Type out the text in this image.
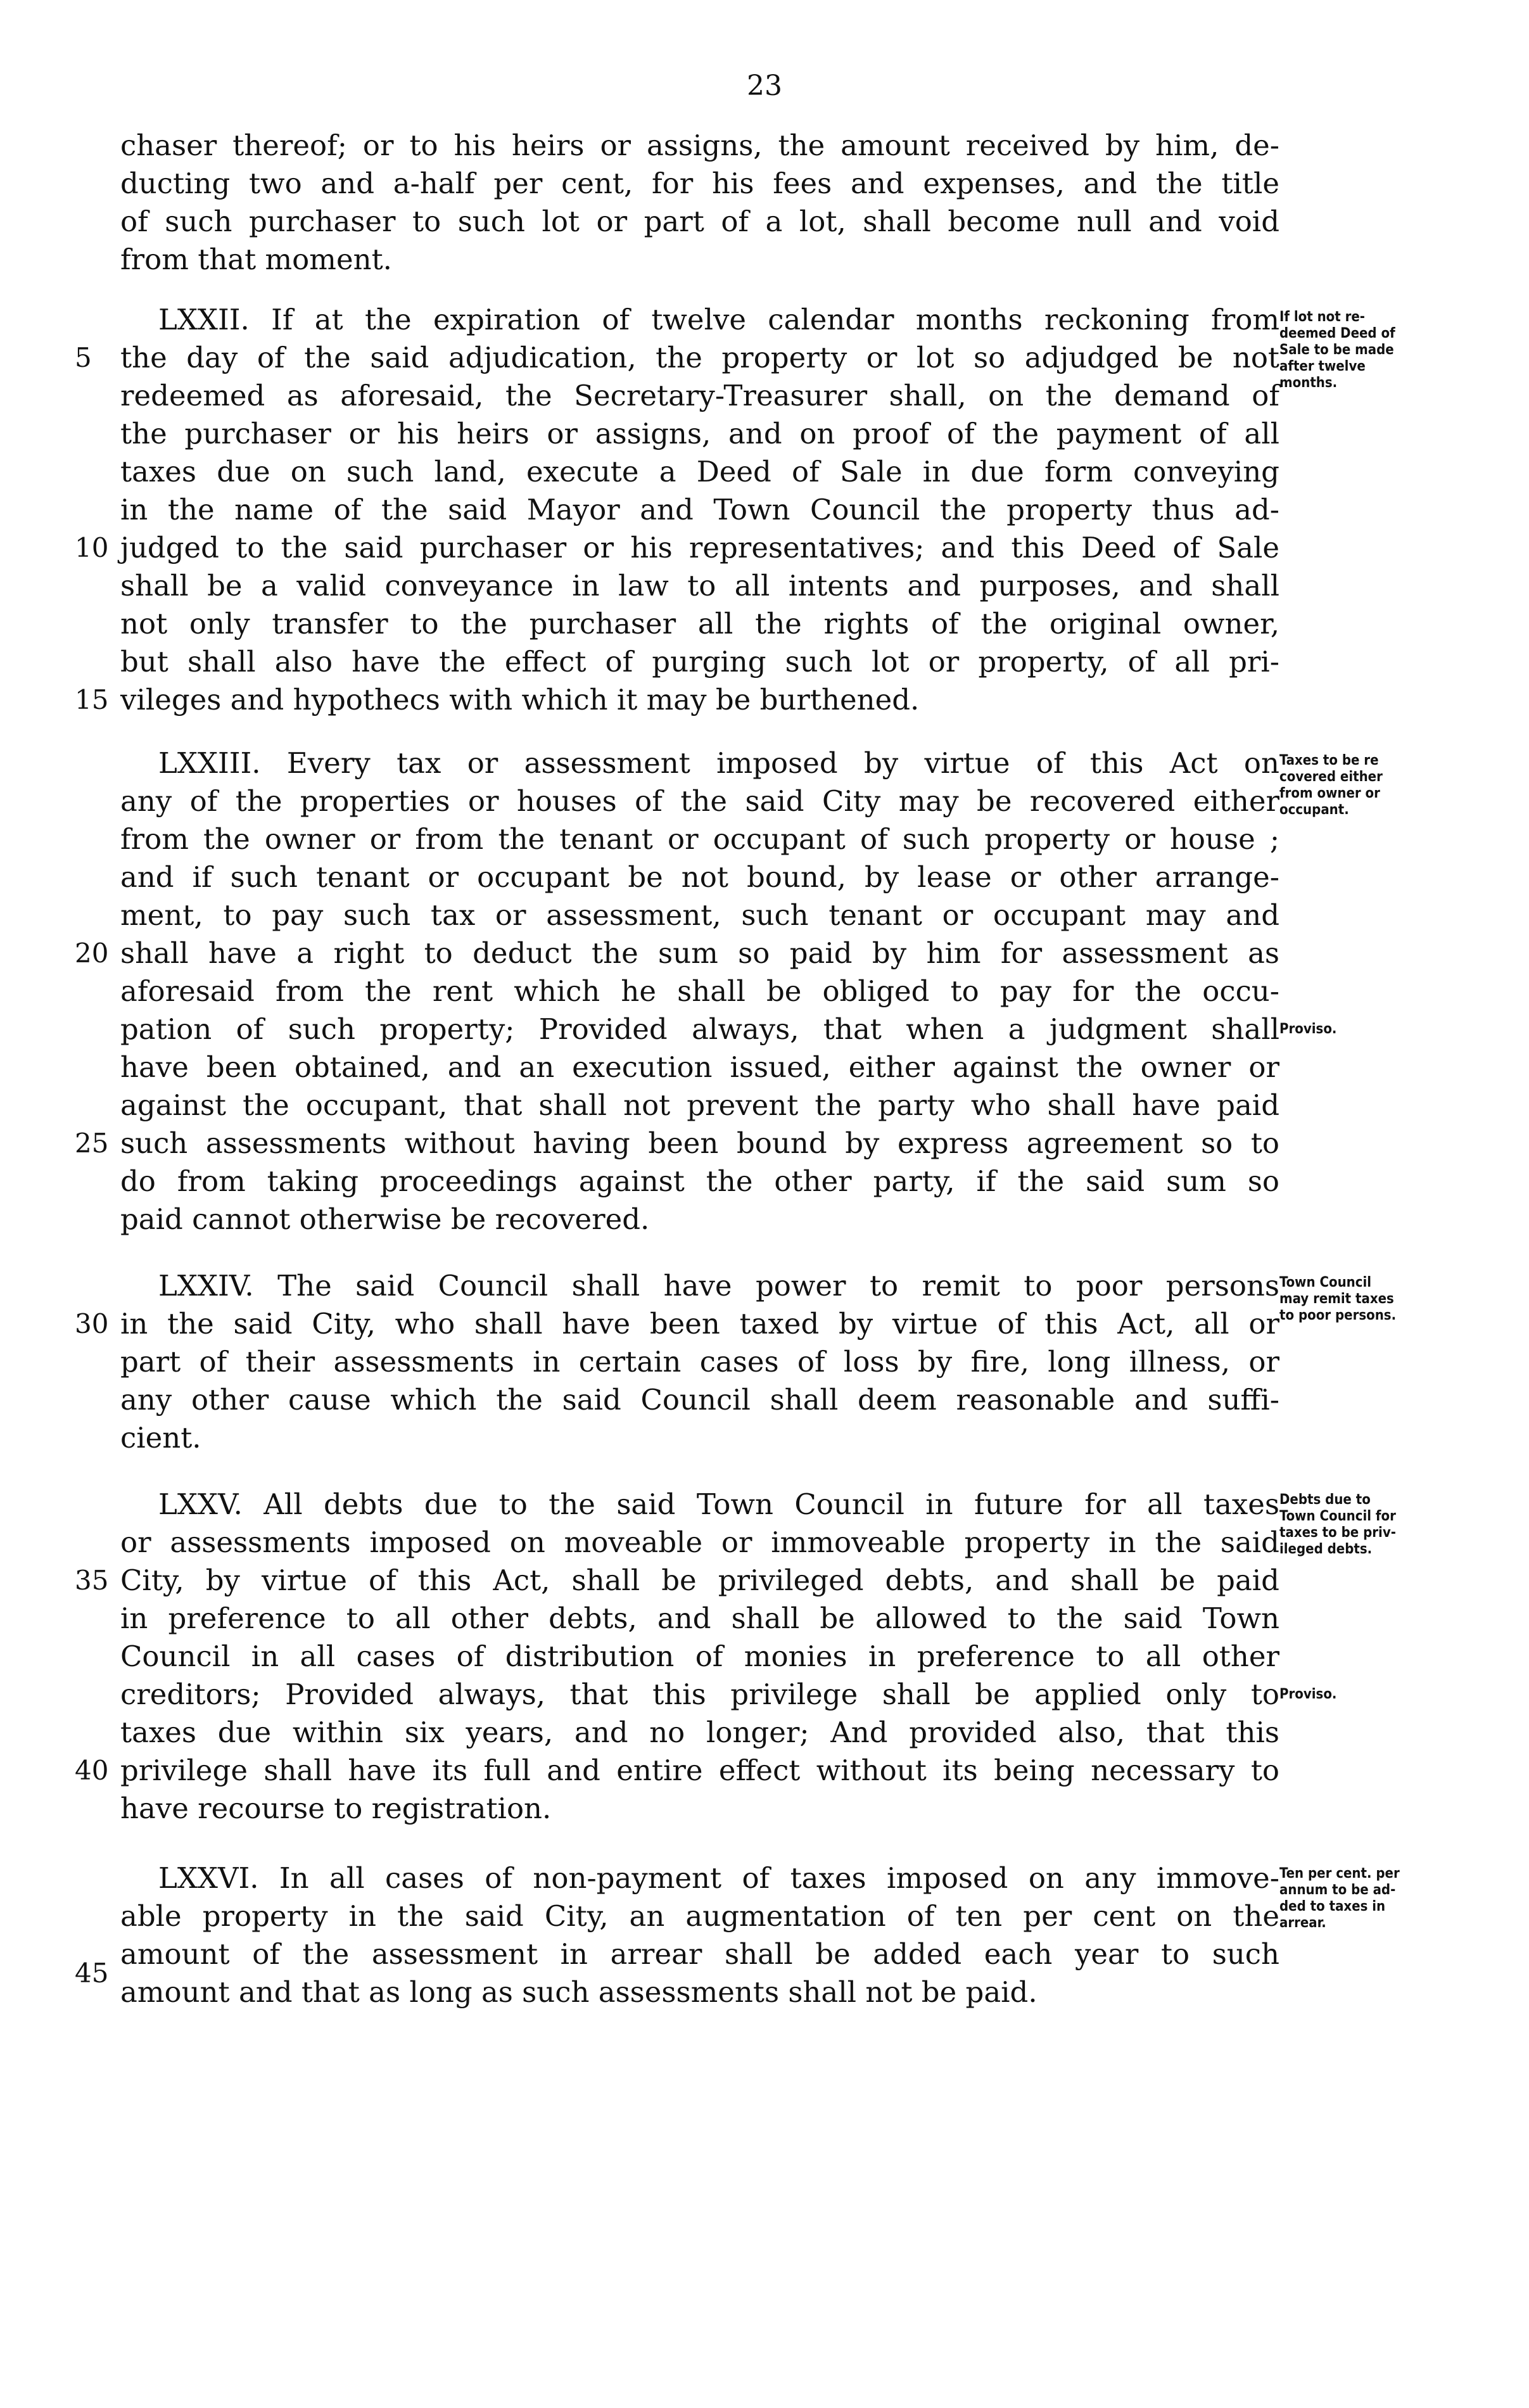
23
chaser thereof; or to his heirs or assigns, the amount received by him, de-
ducting two and a-half per cent, for his fees and expenses, and the title
of such purchaser to such lot or part of a lot, shall become null and void
from that moment.
LXXII. If at the expiration of twelve calendar months reckoning from
the day of the said adjudication, the property or lot so adjudged be not
redeemed as aforesaid, the Secretary-Treasurer shall, on the demand of
the purchaser or his heirs or assigns, and on proof of the payment of all
taxes due on such land, execute a Deed of Sale in due form conveying
in the name of the said Mayor and Town Council the property thus ad-
judged to the said purchaser or his representatives; and this Deed of Sale
shall be a valid conveyance in law to all intents and purposes, and shall
not only transfer to the purchaser all the rights of the original owner,
but shall also have the effect of purging such lot or property, of all pri-
vileges and hypothecs with which it may be burthened.
LXXIII. Every tax or assessment imposed by virtue of this Act on
any of the properties or houses of the said City may be recovered either
from the owner or from the tenant or occupant of such property or house ;
and if such tenant or occupant be not bound, by lease or other arrange-
ment, to pay such tax or assessment, such tenant or occupant may and
shall have a right to deduct the sum so paid by him for assessment as
aforesaid from the rent which he shall be obliged to pay for the occu-
pation of such property; Provided always, that when a judgment shall
have been obtained, and an execution issued, either against the owner or
against the occupant, that shall not prevent the party who shall have paid
such assessments without having been bound by express agreement so to
do from taking proceedings against the other party, if the said sum so
paid cannot otherwise be recovered.
LXXIV. The said Council shall have power to remit to poor persons
in the said City, who shall have been taxed by virtue of this Act, all or
part of their assessments in certain cases of loss by fire, long illness, or
any other cause which the said Council shall deem reasonable and suffi-
cient.
LXXV. All debts due to the said Town Council in future for all taxes
or assessments imposed on moveable or immoveable property in the said
City, by virtue of this Act, shall be privileged debts, and shall be paid
in preference to all other debts, and shall be allowed to the said Town
Council in all cases of distribution of monies in preference to all other
creditors; Provided always, that this privilege shall be applied only to
taxes due within six years, and no longer; And provided also, that this
privilege shall have its full and entire effect without its being necessary to
have recourse to registration.
LXXVI. In all cases of non-payment of taxes imposed on any immove-
able property in the said City, an augmentation of ten per cent on the
amount of the assessment in arrear shall be added each year to such
amount and that as long as such assessments shall not be paid.
5
10
15
20
25
30
35
40
45
If lot not re-
deemed Deed of
Sale to be made
after twelve
months.
Taxes to be re
covered either
from owner or
occupant.
Proviso.
Town Council
may remit taxes
to poor persons.
Debts due to
Town Council for
taxes to be priv-
ileged debts.
Proviso.
Ten per cent. per
annum to be ad-
ded to taxes in
arrear.
